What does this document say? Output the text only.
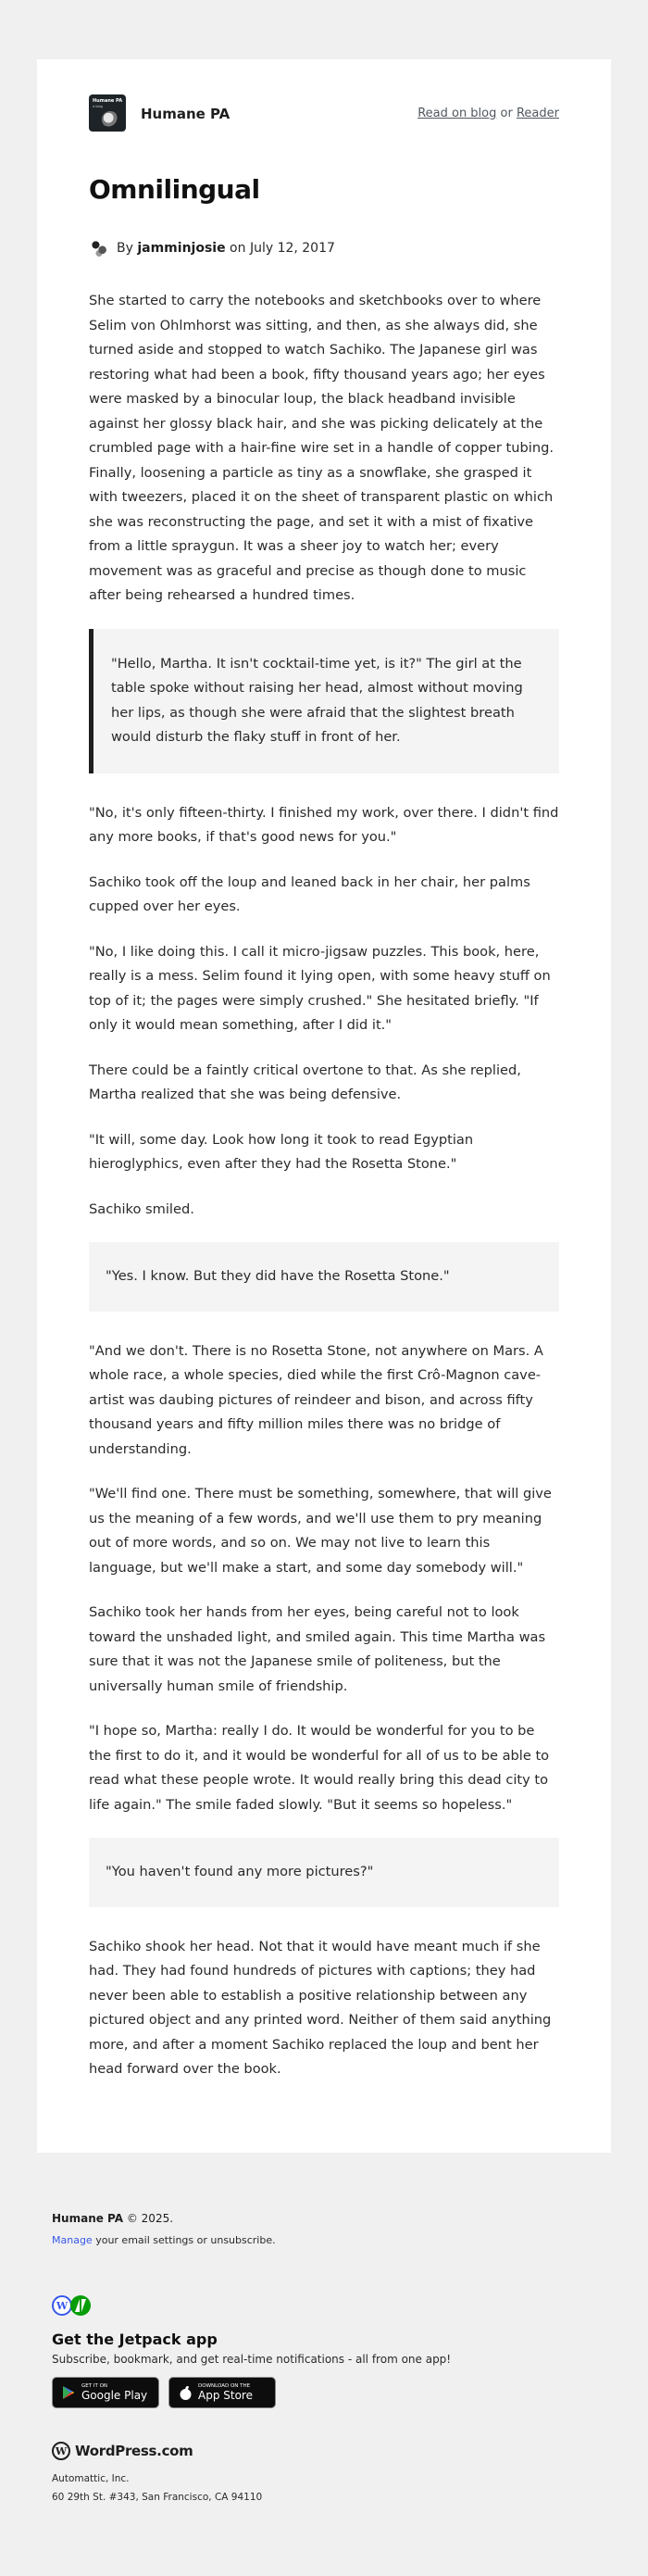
Humane PA
a blog	Humane PA	Read on blog or Reader
Omnilingual
By jamminjosie on July 12, 2017

She started to carry the notebooks and sketchbooks over to where Selim von Ohlmhorst was sitting, and then, as she always did, she turned aside and stopped to watch Sachiko. The Japanese girl was restoring what had been a book, fifty thousand years ago; her eyes were masked by a binocular loup, the black headband invisible against her glossy black hair, and she was picking delicately at the crumbled page with a hair-fine wire set in a handle of copper tubing. Finally, loosening a particle as tiny as a snowflake, she grasped it with tweezers, placed it on the sheet of transparent plastic on which she was reconstructing the page, and set it with a mist of fixative from a little spraygun. It was a sheer joy to watch her; every movement was as graceful and precise as though done to music after being rehearsed a hundred times.

"Hello, Martha. It isn't cocktail-time yet, is it?" The girl at the table spoke without raising her head, almost without moving her lips, as though she were afraid that the slightest breath would disturb the flaky stuff in front of her.

"No, it's only fifteen-thirty. I finished my work, over there. I didn't find any more books, if that's good news for you."

Sachiko took off the loup and leaned back in her chair, her palms cupped over her eyes.

"No, I like doing this. I call it micro-jigsaw puzzles. This book, here, really is a mess. Selim found it lying open, with some heavy stuff on top of it; the pages were simply crushed." She hesitated briefly. "If only it would mean something, after I did it."

There could be a faintly critical overtone to that. As she replied, Martha realized that she was being defensive.

"It will, some day. Look how long it took to read Egyptian hieroglyphics, even after they had the Rosetta Stone."

Sachiko smiled.

"Yes. I know. But they did have the Rosetta Stone."

"And we don't. There is no Rosetta Stone, not anywhere on Mars. A whole race, a whole species, died while the first Crô-Magnon cave-artist was daubing pictures of reindeer and bison, and across fifty thousand years and fifty million miles there was no bridge of understanding.

"We'll find one. There must be something, somewhere, that will give us the meaning of a few words, and we'll use them to pry meaning out of more words, and so on. We may not live to learn this language, but we'll make a start, and some day somebody will."

Sachiko took her hands from her eyes, being careful not to look toward the unshaded light, and smiled again. This time Martha was sure that it was not the Japanese smile of politeness, but the universally human smile of friendship.

"I hope so, Martha: really I do. It would be wonderful for you to be the first to do it, and it would be wonderful for all of us to be able to read what these people wrote. It would really bring this dead city to life again." The smile faded slowly. "But it seems so hopeless."

"You haven't found any more pictures?"

Sachiko shook her head. Not that it would have meant much if she had. They had found hundreds of pictures with captions; they had never been able to establish a positive relationship between any pictured object and any printed word. Neither of them said anything more, and after a moment Sachiko replaced the loup and bent her head forward over the book.

Humane PA © 2025.
Manage your email settings or unsubscribe.
W
Get the Jetpack app
Subscribe, bookmark, and get real-time notifications - all from one app!
GET IT ON
Google Play
DOWNLOAD ON THE
App Store
W WordPress.com
Automattic, Inc.
60 29th St. #343, San Francisco, CA 94110
